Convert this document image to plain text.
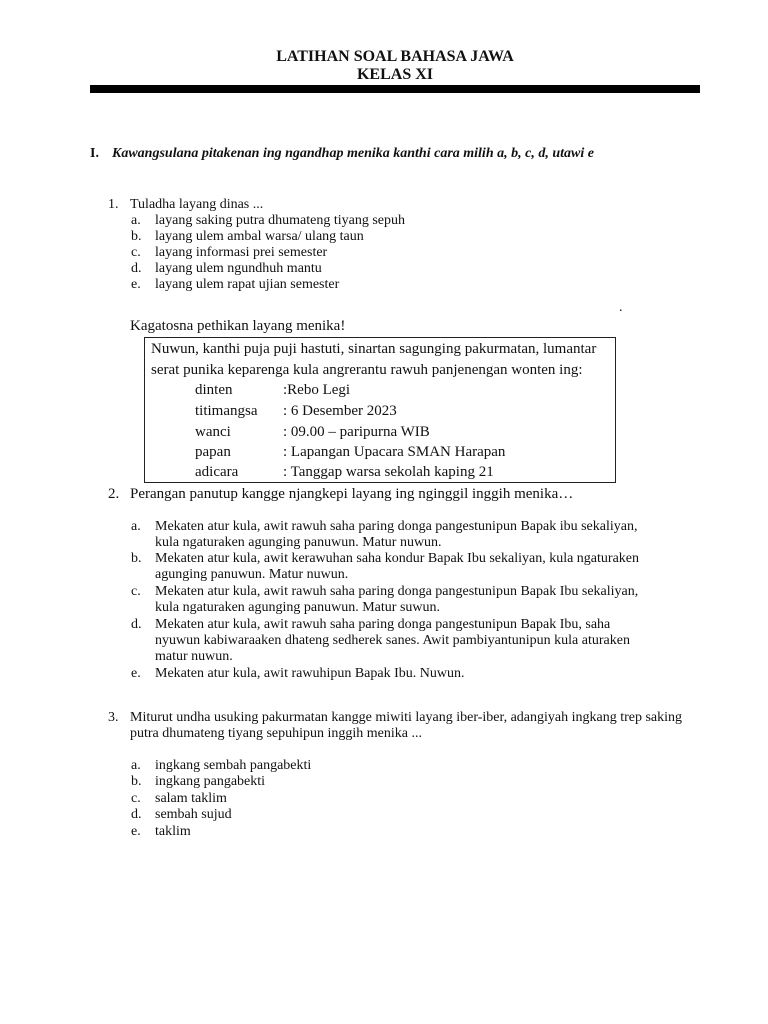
LATIHAN SOAL BAHASA JAWA
KELAS XI
I. Kawangsulana pitakenan ing ngandhap menika kanthi cara milih a, b, c, d, utawi e
1. Tuladha layang dinas ...
a. layang saking putra dhumateng tiyang sepuh
b. layang ulem ambal warsa/ ulang taun
c. layang informasi prei semester
d. layang ulem ngundhuh mantu
e. layang ulem rapat ujian semester
.
Kagatosna pethikan layang menika!
Nuwun, kanthi puja puji hastuti, sinartan sagunging pakurmatan, lumantar
serat punika keparenga kula angrerantu rawuh panjenengan wonten ing:
dinten	:Rebo Legi
titimangsa : 6 Desember 2023
wanci	: 09.00 – paripurna WIB
papan	: Lapangan Upacara SMAN Harapan
adicara	: Tanggap warsa sekolah kaping 21
2. Perangan panutup kangge njangkepi layang ing nginggil inggih menika…
a. Mekaten atur kula, awit rawuh saha paring donga pangestunipun Bapak ibu sekaliyan, kula ngaturaken agunging panuwun. Matur nuwun.
b. Mekaten atur kula, awit kerawuhan saha kondur Bapak Ibu sekaliyan, kula ngaturaken agunging panuwun. Matur nuwun.
c. Mekaten atur kula, awit rawuh saha paring donga pangestunipun Bapak Ibu sekaliyan, kula ngaturaken agunging panuwun. Matur suwun.
d. Mekaten atur kula, awit rawuh saha paring donga pangestunipun Bapak Ibu, saha nyuwun kabiwaraaken dhateng sedherek sanes. Awit pambiyantunipun kula aturaken matur nuwun.
e. Mekaten atur kula, awit rawuhipun Bapak Ibu. Nuwun.
3. Miturut undha usuking pakurmatan kangge miwiti layang iber-iber, adangiyah ingkang trep saking putra dhumateng tiyang sepuhipun inggih menika ...
a. ingkang sembah pangabekti
b. ingkang pangabekti
c. salam taklim
d. sembah sujud
e. taklim
